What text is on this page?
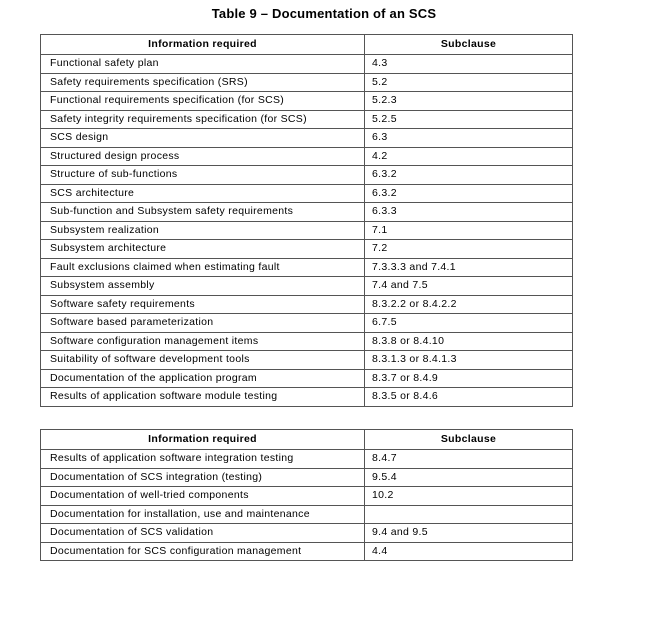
Table 9 – Documentation of an SCS
Information required	Subclause
Functional safety plan	4.3
Safety requirements specification (SRS)	5.2
Functional requirements specification (for SCS)	5.2.3
Safety integrity requirements specification (for SCS)	5.2.5
SCS design	6.3
Structured design process	4.2
Structure of sub-functions	6.3.2
SCS architecture	6.3.2
Sub-function and Subsystem safety requirements	6.3.3
Subsystem realization	7.1
Subsystem architecture	7.2
Fault exclusions claimed when estimating fault	7.3.3.3 and 7.4.1
Subsystem assembly	7.4 and 7.5
Software safety requirements	8.3.2.2 or 8.4.2.2
Software based parameterization	6.7.5
Software configuration management items	8.3.8 or 8.4.10
Suitability of software development tools	8.3.1.3 or 8.4.1.3
Documentation of the application program	8.3.7 or 8.4.9
Results of application software module testing	8.3.5 or 8.4.6
Information required	Subclause
Results of application software integration testing	8.4.7
Documentation of SCS integration (testing)	9.5.4
Documentation of well-tried components	10.2
Documentation for installation, use and maintenance	
Documentation of SCS validation	9.4 and 9.5
Documentation for SCS configuration management	4.4
